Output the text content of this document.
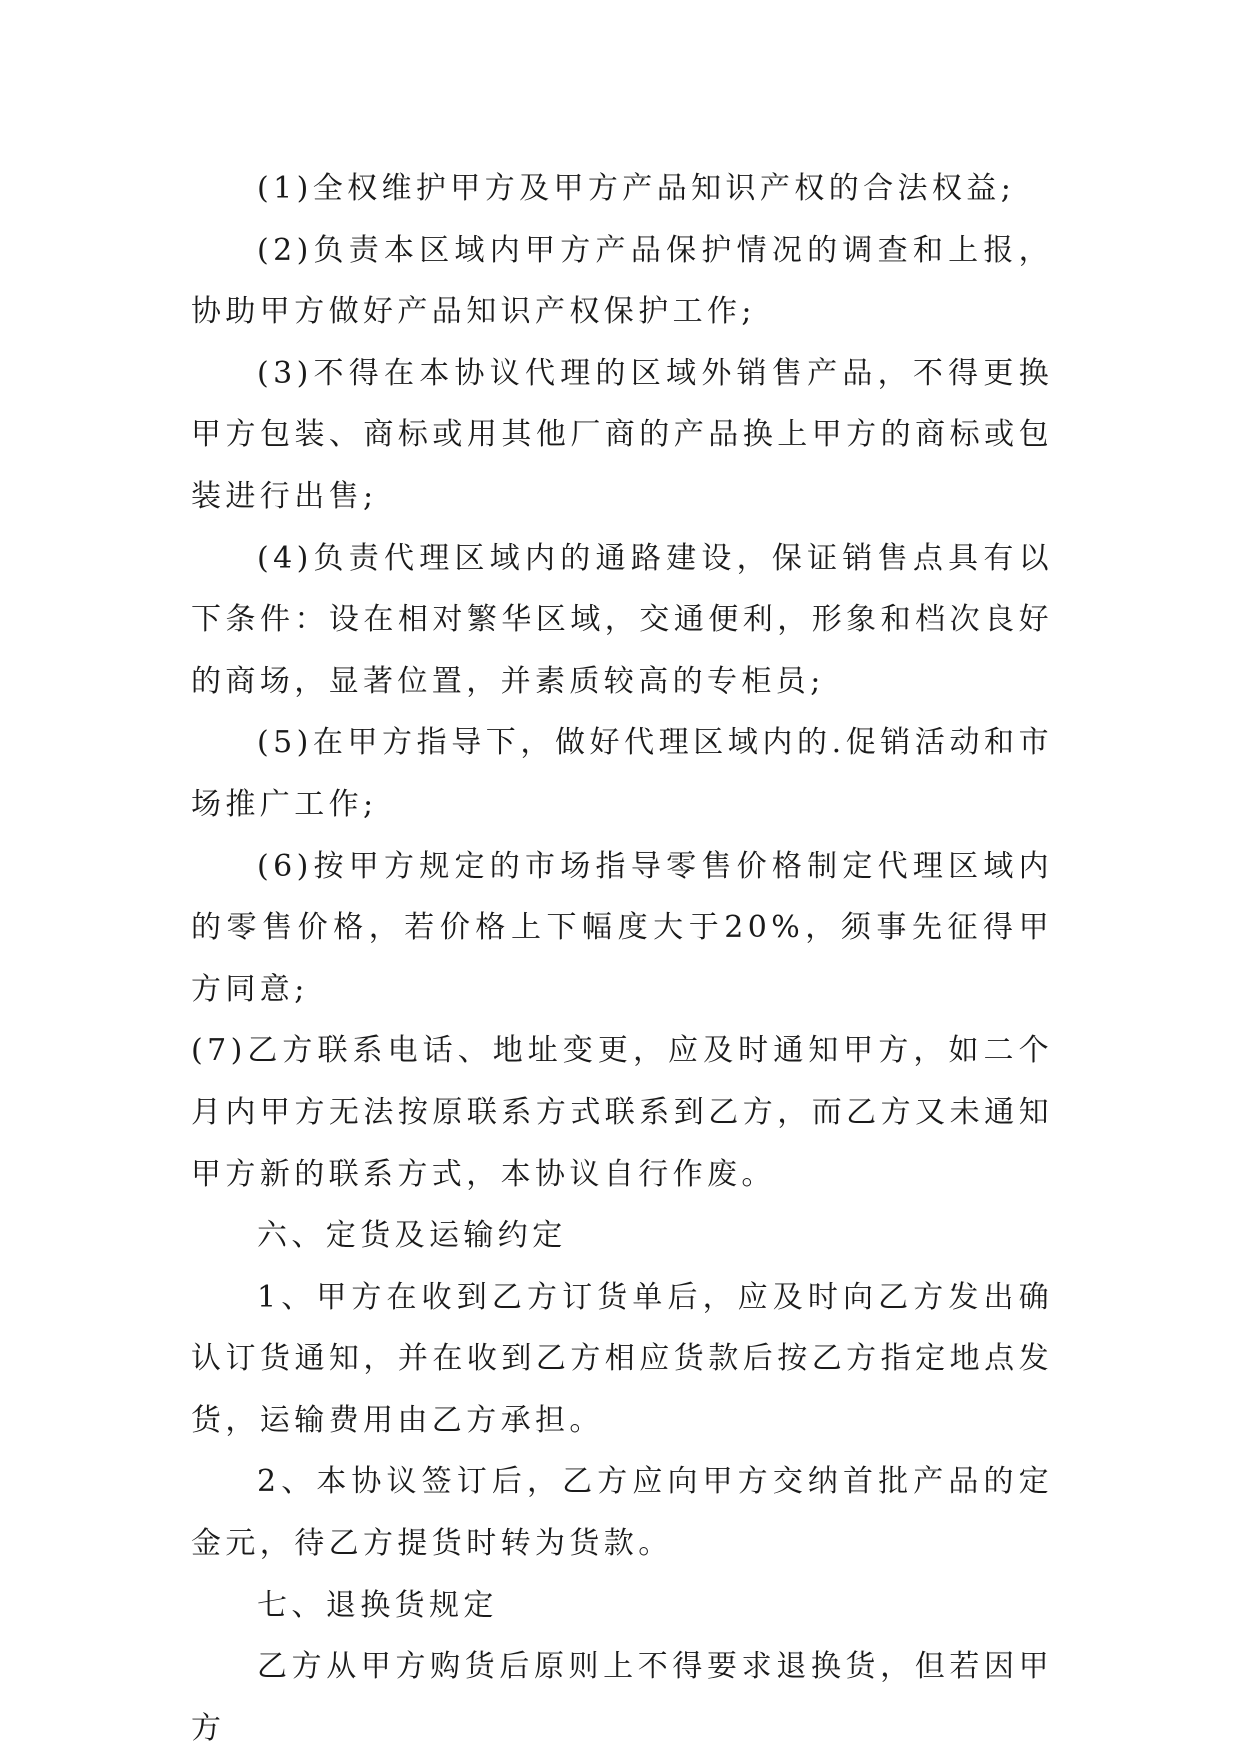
(1)全权维护甲方及甲方产品知识产权的合法权益;

(2)负责本区域内甲方产品保护情况的调查和上报，协助甲方做好产品知识产权保护工作;

(3)不得在本协议代理的区域外销售产品，不得更换甲方包装、商标或用其他厂商的产品换上甲方的商标或包装进行出售;

(4)负责代理区域内的通路建设，保证销售点具有以下条件：设在相对繁华区域，交通便利，形象和档次良好的商场，显著位置，并素质较高的专柜员;

(5)在甲方指导下，做好代理区域内的.促销活动和市场推广工作;

(6)按甲方规定的市场指导零售价格制定代理区域内的零售价格，若价格上下幅度大于20%，须事先征得甲方同意;

(7)乙方联系电话、地址变更，应及时通知甲方，如二个月内甲方无法按原联系方式联系到乙方，而乙方又未通知甲方新的联系方式，本协议自行作废。

六、定货及运输约定

1、甲方在收到乙方订货单后，应及时向乙方发出确认订货通知，并在收到乙方相应货款后按乙方指定地点发货，运输费用由乙方承担。

2、本协议签订后，乙方应向甲方交纳首批产品的定金元，待乙方提货时转为货款。

七、退换货规定

乙方从甲方购货后原则上不得要求退换货，但若因甲方
